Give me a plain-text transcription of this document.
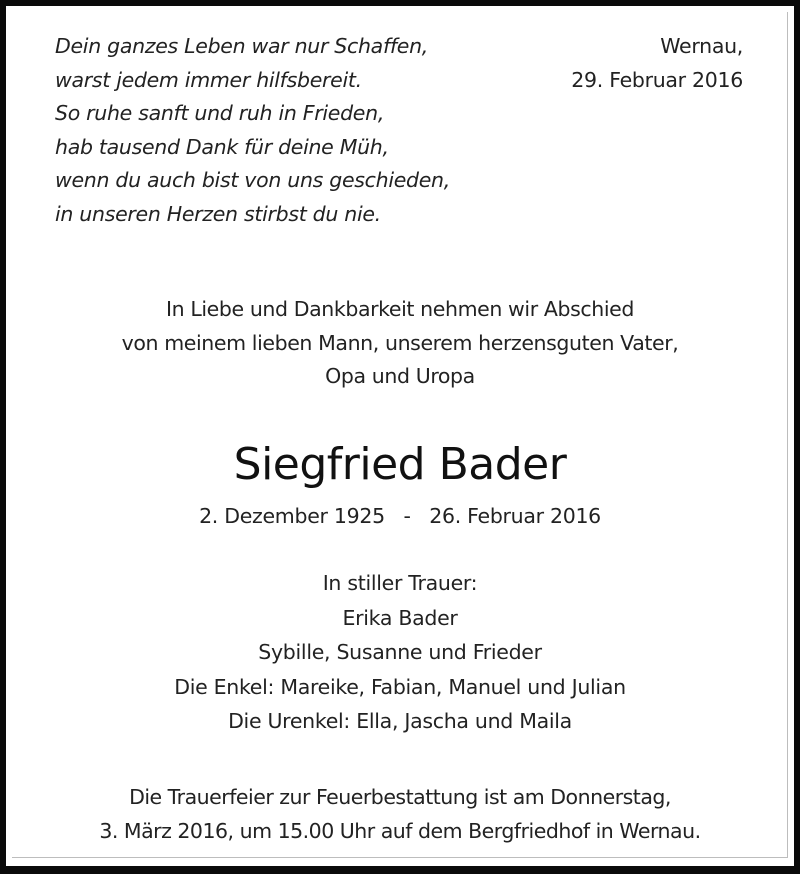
Dein ganzes Leben war nur Schaffen,
warst jedem immer hilfsbereit.
So ruhe sanft und ruh in Frieden,
hab tausend Dank für deine Müh,
wenn du auch bist von uns geschieden,
in unseren Herzen stirbst du nie.
Wernau,
29. Februar 2016
In Liebe und Dankbarkeit nehmen wir Abschied
von meinem lieben Mann, unserem herzensguten Vater,
Opa und Uropa
Siegfried Bader
2. Dezember 1925   -   26. Februar 2016
In stiller Trauer:
Erika Bader
Sybille, Susanne und Frieder
Die Enkel: Mareike, Fabian, Manuel und Julian
Die Urenkel: Ella, Jascha und Maila
Die Trauerfeier zur Feuerbestattung ist am Donnerstag,
3. März 2016, um 15.00 Uhr auf dem Bergfriedhof in Wernau.
